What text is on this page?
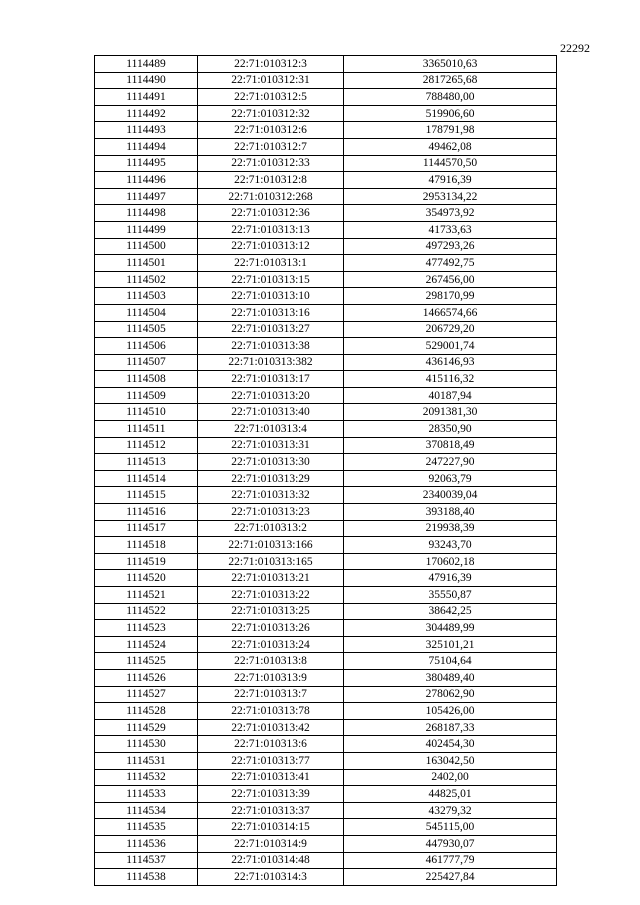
22292
1114489	22:71:010312:3	3365010,63
1114490	22:71:010312:31	2817265,68
1114491	22:71:010312:5	788480,00
1114492	22:71:010312:32	519906,60
1114493	22:71:010312:6	178791,98
1114494	22:71:010312:7	49462,08
1114495	22:71:010312:33	1144570,50
1114496	22:71:010312:8	47916,39
1114497	22:71:010312:268	2953134,22
1114498	22:71:010312:36	354973,92
1114499	22:71:010313:13	41733,63
1114500	22:71:010313:12	497293,26
1114501	22:71:010313:1	477492,75
1114502	22:71:010313:15	267456,00
1114503	22:71:010313:10	298170,99
1114504	22:71:010313:16	1466574,66
1114505	22:71:010313:27	206729,20
1114506	22:71:010313:38	529001,74
1114507	22:71:010313:382	436146,93
1114508	22:71:010313:17	415116,32
1114509	22:71:010313:20	40187,94
1114510	22:71:010313:40	2091381,30
1114511	22:71:010313:4	28350,90
1114512	22:71:010313:31	370818,49
1114513	22:71:010313:30	247227,90
1114514	22:71:010313:29	92063,79
1114515	22:71:010313:32	2340039,04
1114516	22:71:010313:23	393188,40
1114517	22:71:010313:2	219938,39
1114518	22:71:010313:166	93243,70
1114519	22:71:010313:165	170602,18
1114520	22:71:010313:21	47916,39
1114521	22:71:010313:22	35550,87
1114522	22:71:010313:25	38642,25
1114523	22:71:010313:26	304489,99
1114524	22:71:010313:24	325101,21
1114525	22:71:010313:8	75104,64
1114526	22:71:010313:9	380489,40
1114527	22:71:010313:7	278062,90
1114528	22:71:010313:78	105426,00
1114529	22:71:010313:42	268187,33
1114530	22:71:010313:6	402454,30
1114531	22:71:010313:77	163042,50
1114532	22:71:010313:41	2402,00
1114533	22:71:010313:39	44825,01
1114534	22:71:010313:37	43279,32
1114535	22:71:010314:15	545115,00
1114536	22:71:010314:9	447930,07
1114537	22:71:010314:48	461777,79
1114538	22:71:010314:3	225427,84
